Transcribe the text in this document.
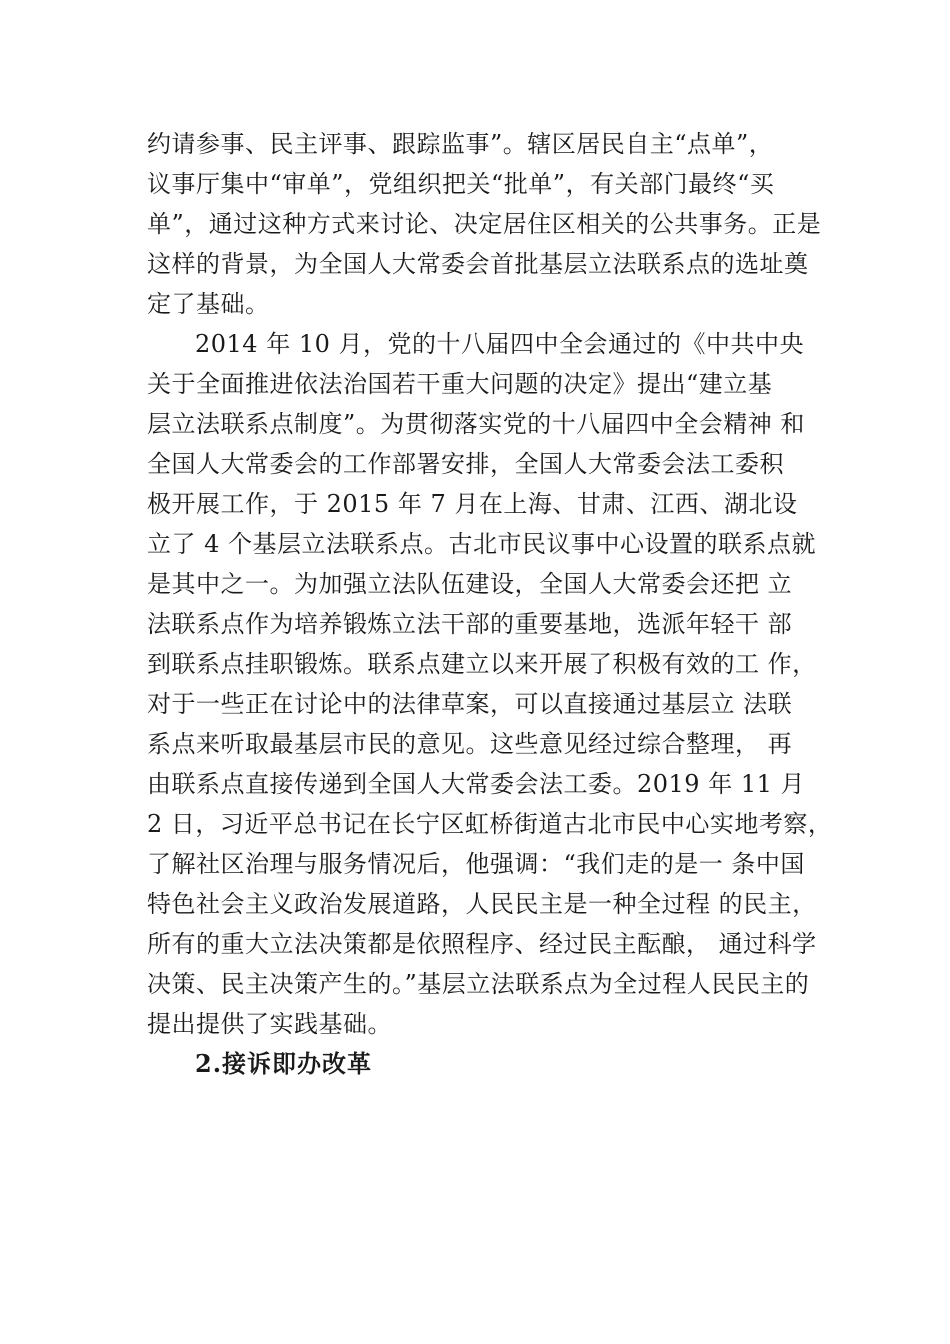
约请参事、民主评事、跟踪监事”。辖区居民自主“点单”，
议事厅集中“审单”，党组织把关“批单”，有关部门最终“买
单”，通过这种方式来讨论、决定居住区相关的公共事务。正是
这样的背景，为全国人大常委会首批基层立法联系点的选址奠
定了基础。
2014 年 10 月，党的十八届四中全会通过的《中共中央
关于全面推进依法治国若干重大问题的决定》提出“建立基
层立法联系点制度”。为贯彻落实党的十八届四中全会精神 和
全国人大常委会的工作部署安排，全国人大常委会法工委积
极开展工作，于 2015 年 7 月在上海、甘肃、江西、湖北设
立了 4 个基层立法联系点。古北市民议事中心设置的联系点就
是其中之一。为加强立法队伍建设，全国人大常委会还把 立
法联系点作为培养锻炼立法干部的重要基地，选派年轻干 部
到联系点挂职锻炼。联系点建立以来开展了积极有效的工 作，
对于一些正在讨论中的法律草案，可以直接通过基层立 法联
系点来听取最基层市民的意见。这些意见经过综合整理， 再
由联系点直接传递到全国人大常委会法工委。2019 年 11 月
2 日，习近平总书记在长宁区虹桥街道古北市民中心实地考察，
了解社区治理与服务情况后，他强调：“我们走的是一 条中国
特色社会主义政治发展道路，人民民主是一种全过程 的民主，
所有的重大立法决策都是依照程序、经过民主酝酿， 通过科学
决策、民主决策产生的。”基层立法联系点为全过程人民民主的
提出提供了实践基础。
2.接诉即办改革
